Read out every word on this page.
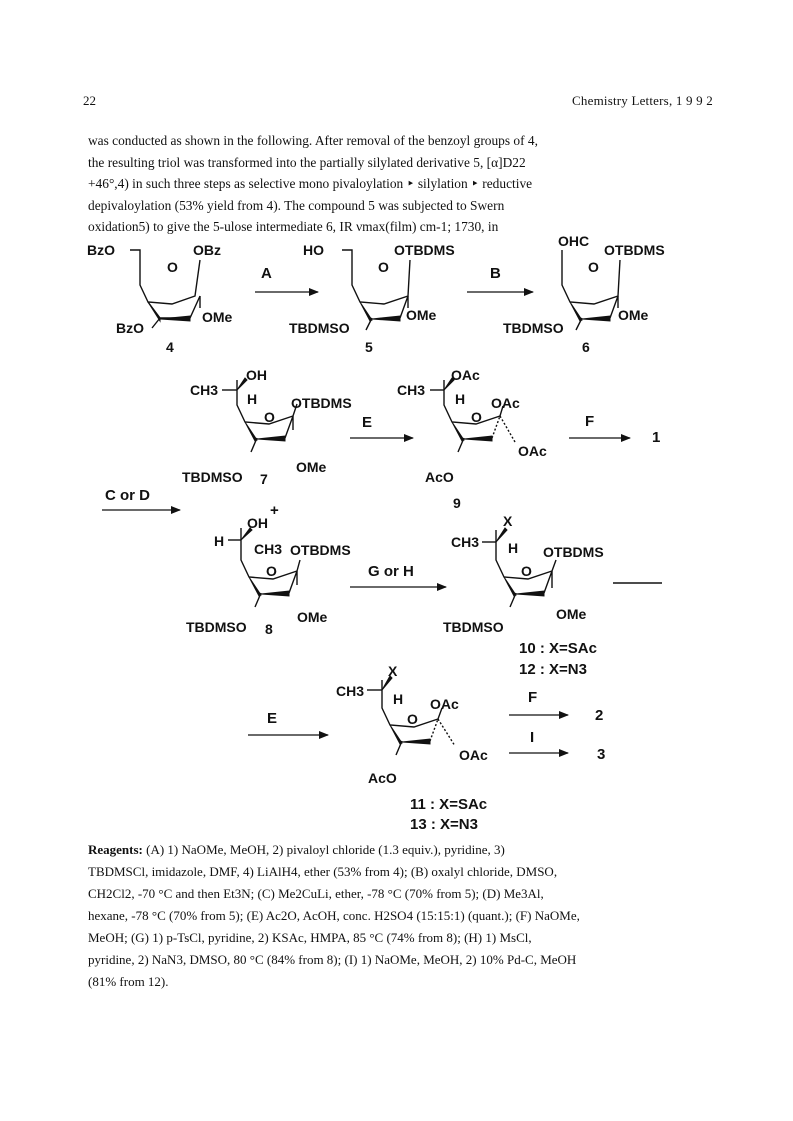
22	Chemistry Letters, 1 9 9 2

was conducted as shown in the following. After removal of the benzoyl groups of 4,

the resulting triol was transformed into the partially silylated derivative 5, [α]D22

+46°,4) in such three steps as selective mono pivaloylation ‣ silylation ‣ reductive

depivaloylation (53% yield from 4). The compound 5 was subjected to Swern

oxidation5) to give the 5-ulose intermediate 6, IR νmax(film) cm-1; 1730, in

BzO
O
OBz
BzO
OMe
4
A
HO
O
OTBDMS
TBDMSO
OMe
5
B
OHC
O
OTBDMS
TBDMSO
OMe
6
OH
CH3
H
O
OTBDMS
TBDMSO
OMe
7
E
OAc
CH3
H
O
OAc
AcO
OAc
9
F
1
C or D
+
OH
H CH3
O
OTBDMS
TBDMSO
OMe
8
G or H
X
CH3 H
O
OTBDMS
TBDMSO
OMe
10 : X=SAc
12 : X=N3
E
X
CH3 H
O
OAc
AcO
OAc
11 : X=SAc
13 : X=N3
F
2
I
3

Reagents: (A) 1) NaOMe, MeOH, 2) pivaloyl chloride (1.3 equiv.), pyridine, 3)

TBDMSCl, imidazole, DMF, 4) LiAlH4, ether (53% from 4); (B) oxalyl chloride, DMSO,

CH2Cl2, -70 °C and then Et3N; (C) Me2CuLi, ether, -78 °C (70% from 5); (D) Me3Al,

hexane, -78 °C (70% from 5); (E) Ac2O, AcOH, conc. H2SO4 (15:15:1) (quant.); (F) NaOMe,

MeOH; (G) 1) p-TsCl, pyridine, 2) KSAc, HMPA, 85 °C (74% from 8); (H) 1) MsCl,

pyridine, 2) NaN3, DMSO, 80 °C (84% from 8); (I) 1) NaOMe, MeOH, 2) 10% Pd-C, MeOH

(81% from 12).
